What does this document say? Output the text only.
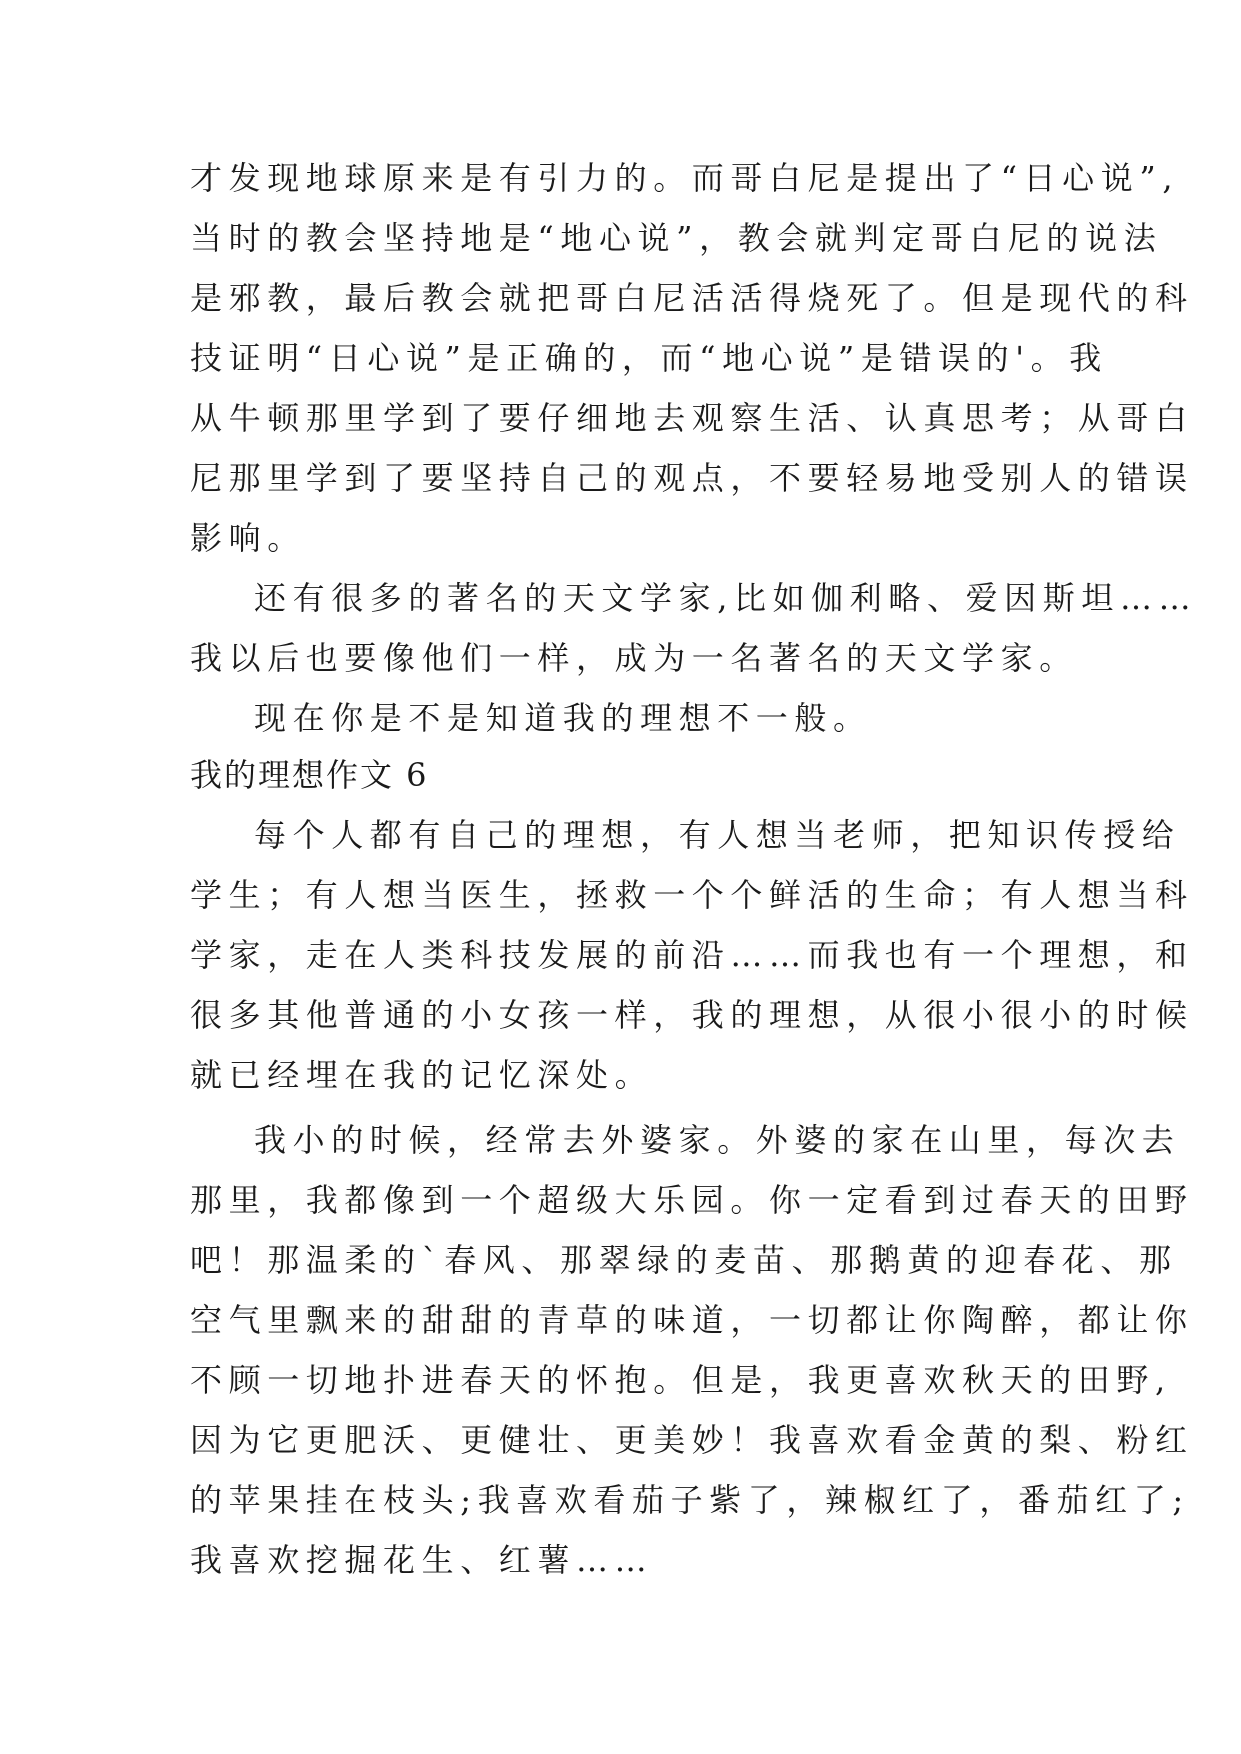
才发现地球原来是有引力的。而哥白尼是提出了“日心说”,
当时的教会坚持地是“地心说”，教会就判定哥白尼的说法
是邪教，最后教会就把哥白尼活活得烧死了。但是现代的科
技证明“日心说”是正确的，而“地心说”是错误的'。我
从牛顿那里学到了要仔细地去观察生活、认真思考；从哥白
尼那里学到了要坚持自己的观点，不要轻易地受别人的错误
影响。
还有很多的著名的天文学家,比如伽利略、爱因斯坦……
我以后也要像他们一样，成为一名著名的天文学家。
现在你是不是知道我的理想不一般。
我的理想作文 6
每个人都有自己的理想，有人想当老师，把知识传授给
学生；有人想当医生，拯救一个个鲜活的生命；有人想当科
学家，走在人类科技发展的前沿……而我也有一个理想，和
很多其他普通的小女孩一样，我的理想，从很小很小的时候
就已经埋在我的记忆深处。
我小的时候，经常去外婆家。外婆的家在山里，每次去
那里，我都像到一个超级大乐园。你一定看到过春天的田野
吧！那温柔的`春风、那翠绿的麦苗、那鹅黄的迎春花、那
空气里飘来的甜甜的青草的味道，一切都让你陶醉，都让你
不顾一切地扑进春天的怀抱。但是，我更喜欢秋天的田野,
因为它更肥沃、更健壮、更美妙！我喜欢看金黄的梨、粉红
的苹果挂在枝头;我喜欢看茄子紫了，辣椒红了，番茄红了;
我喜欢挖掘花生、红薯……
